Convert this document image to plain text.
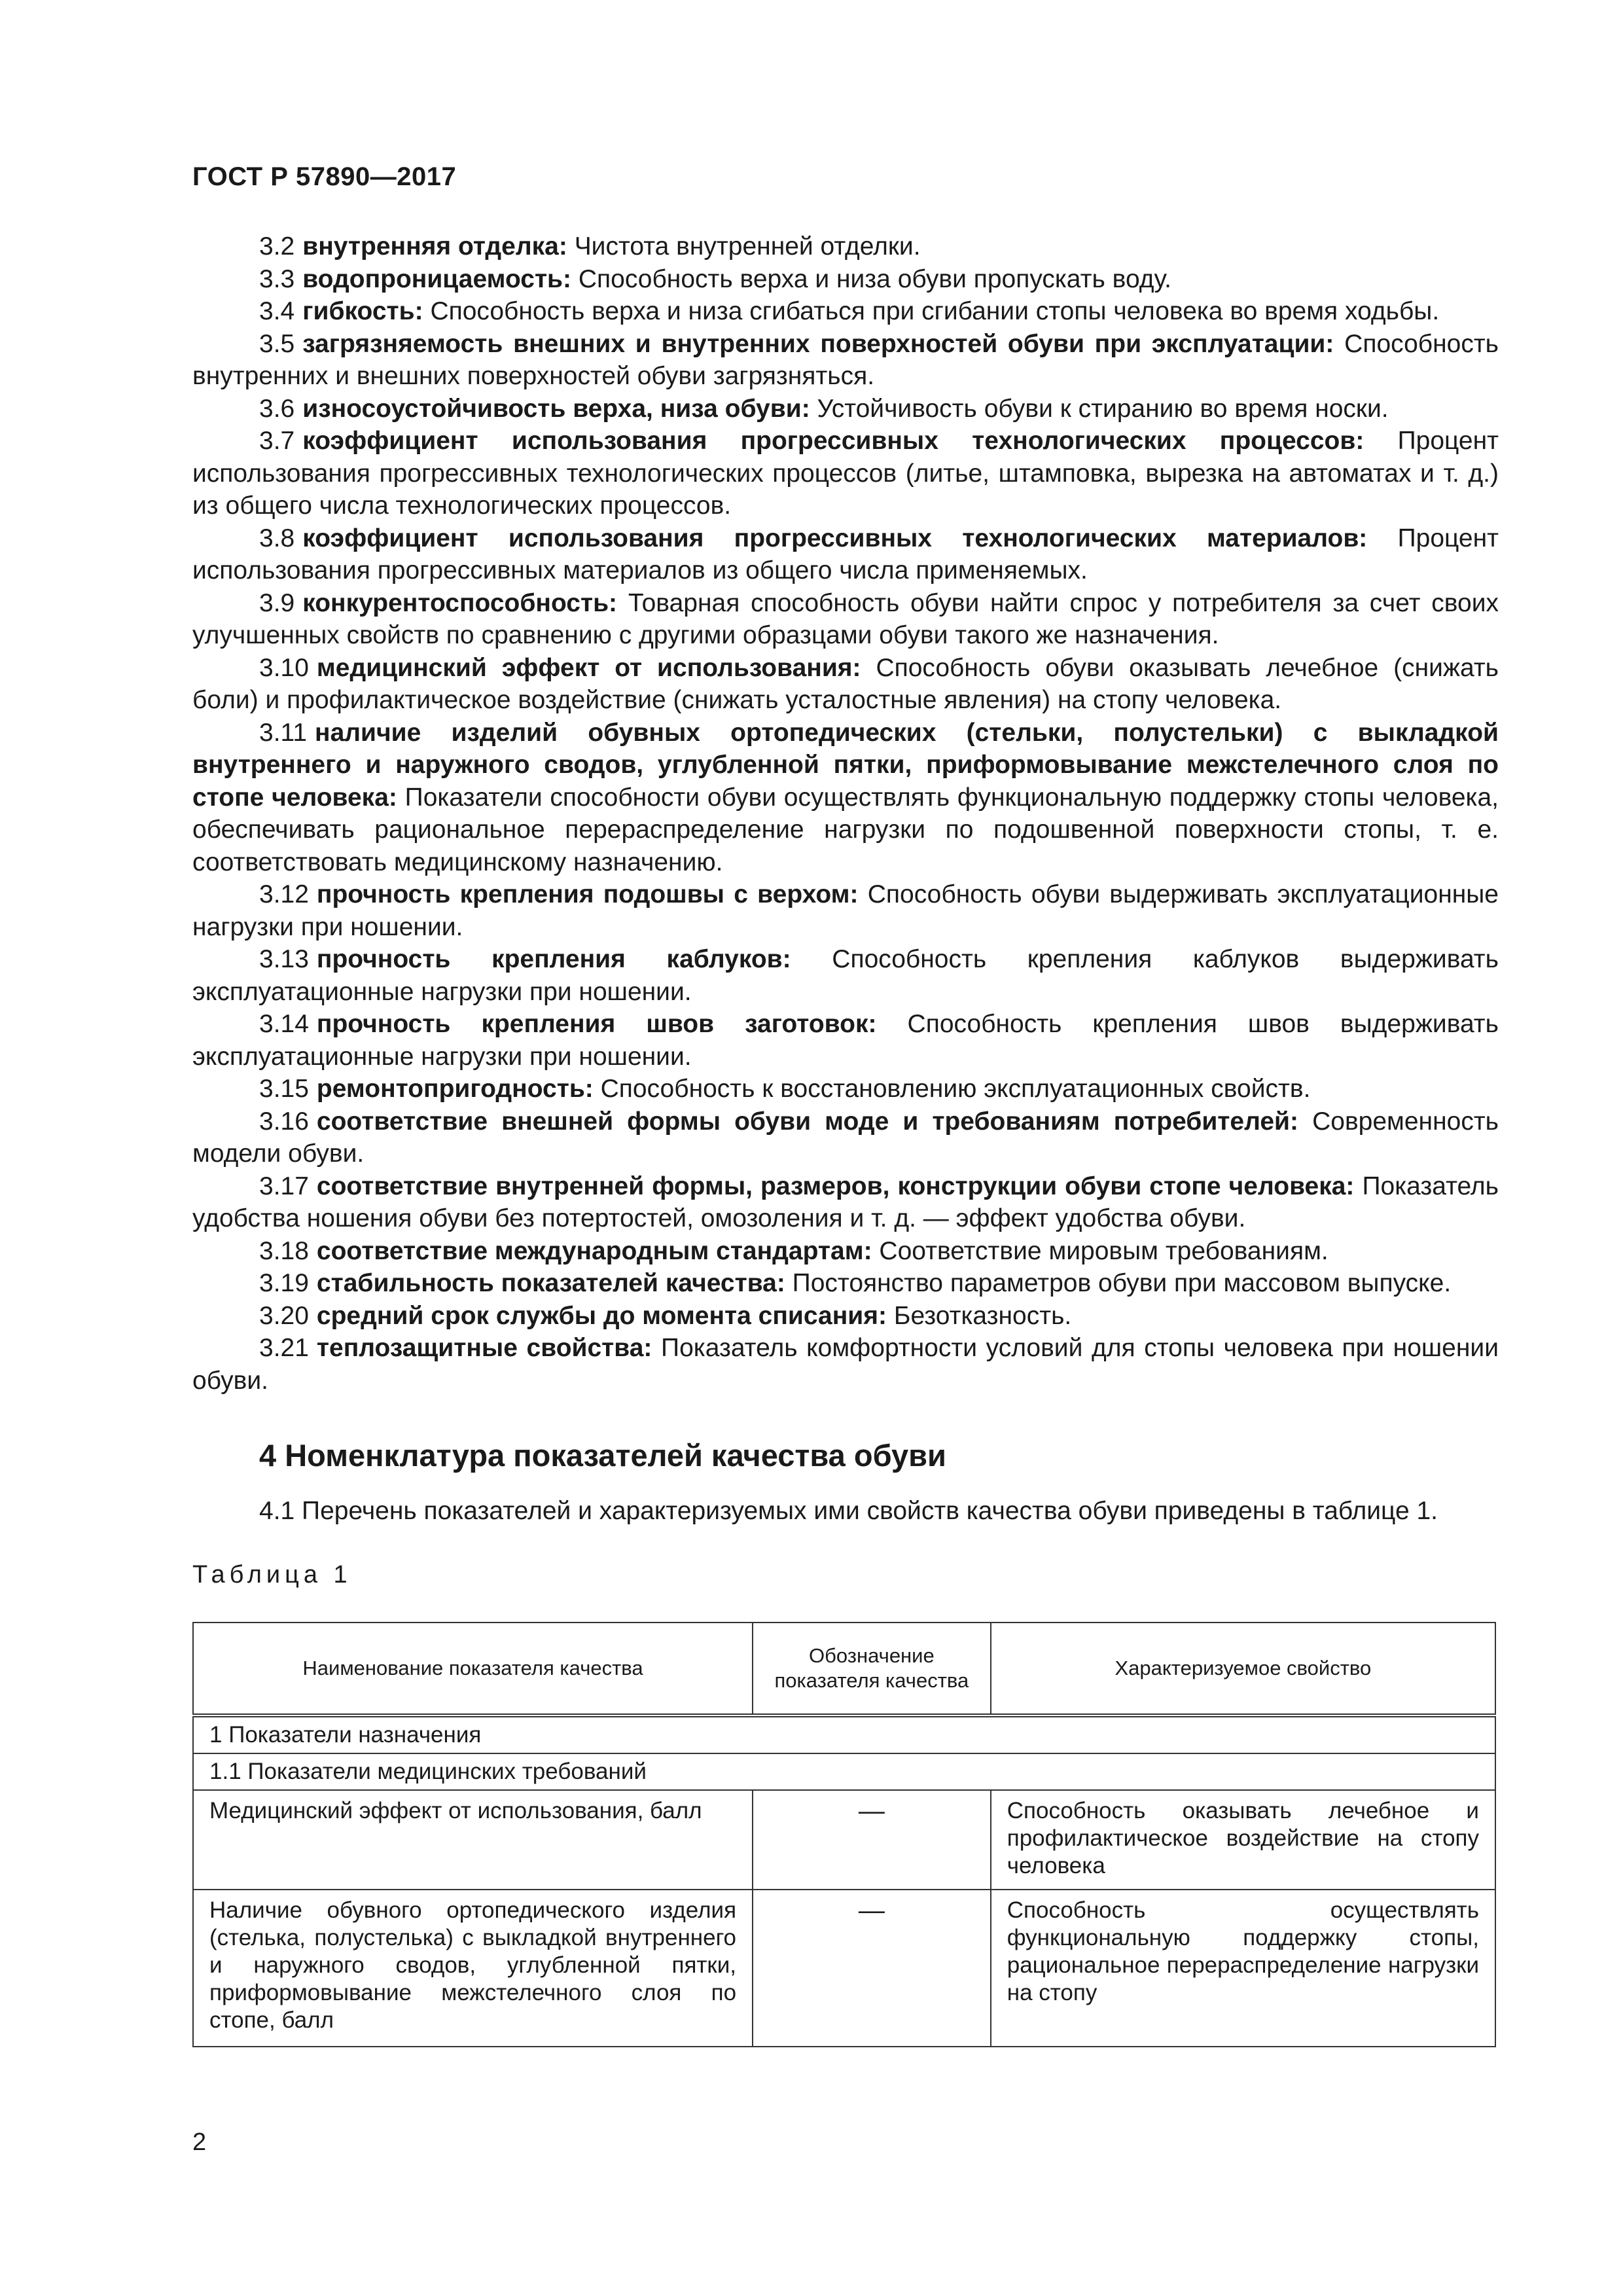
ГОСТ Р 57890—2017

3.2 внутренняя отделка: Чистота внутренней отделки.

3.3 водопроницаемость: Способность верха и низа обуви пропускать воду.

3.4 гибкость: Способность верха и низа сгибаться при сгибании стопы человека во время ходьбы.

3.5 загрязняемость внешних и внутренних поверхностей обуви при эксплуатации: Способность внутренних и внешних поверхностей обуви загрязняться.

3.6 износоустойчивость верха, низа обуви: Устойчивость обуви к стиранию во время носки.

3.7 коэффициент использования прогрессивных технологических процессов: Процент использования прогрессивных технологических процессов (литье, штамповка, вырезка на автоматах и т. д.) из общего числа технологических процессов.

3.8 коэффициент использования прогрессивных технологических материалов: Процент использования прогрессивных материалов из общего числа применяемых.

3.9 конкурентоспособность: Товарная способность обуви найти спрос у потребителя за счет своих улучшенных свойств по сравнению с другими образцами обуви такого же назначения.

3.10 медицинский эффект от использования: Способность обуви оказывать лечебное (снижать боли) и профилактическое воздействие (снижать усталостные явления) на стопу человека.

3.11 наличие изделий обувных ортопедических (стельки, полустельки) с выкладкой внутреннего и наружного сводов, углубленной пятки, приформовывание межстелечного слоя по стопе человека: Показатели способности обуви осуществлять функциональную поддержку стопы человека, обеспечивать рациональное перераспределение нагрузки по подошвенной поверхности стопы, т. е. соответствовать медицинскому назначению.

3.12 прочность крепления подошвы с верхом: Способность обуви выдерживать эксплуатационные нагрузки при ношении.

3.13 прочность крепления каблуков: Способность крепления каблуков выдерживать эксплуатационные нагрузки при ношении.

3.14 прочность крепления швов заготовок: Способность крепления швов выдерживать эксплуатационные нагрузки при ношении.

3.15 ремонтопригодность: Способность к восстановлению эксплуатационных свойств.

3.16 соответствие внешней формы обуви моде и требованиям потребителей: Современность модели обуви.

3.17 соответствие внутренней формы, размеров, конструкции обуви стопе человека: Показатель удобства ношения обуви без потертостей, омозоления и т. д. — эффект удобства обуви.

3.18 соответствие международным стандартам: Соответствие мировым требованиям.

3.19 стабильность показателей качества: Постоянство параметров обуви при массовом выпуске.

3.20 средний срок службы до момента списания: Безотказность.

3.21 теплозащитные свойства: Показатель комфортности условий для стопы человека при ношении обуви.

4 Номенклатура показателей качества обуви

4.1 Перечень показателей и характеризуемых ими свойств качества обуви приведены в таблице 1.

Таблица 1
Наименование показателя качества	Обозначение показателя качества	Характеризуемое свойство
1 Показатели назначения		
1.1 Показатели медицинских требований		
Медицинский эффект от использования, балл	—	Способность оказывать лечебное и профилактическое воздействие на стопу человека
Наличие обувного ортопедического изделия (стелька, полустелька) с выкладкой внутреннего и наружного сводов, углубленной пятки, приформовывание межстелечного слоя по стопе, балл	—	Способность осуществлять функциональную поддержку стопы, рациональное перераспределение нагрузки на стопу
2
